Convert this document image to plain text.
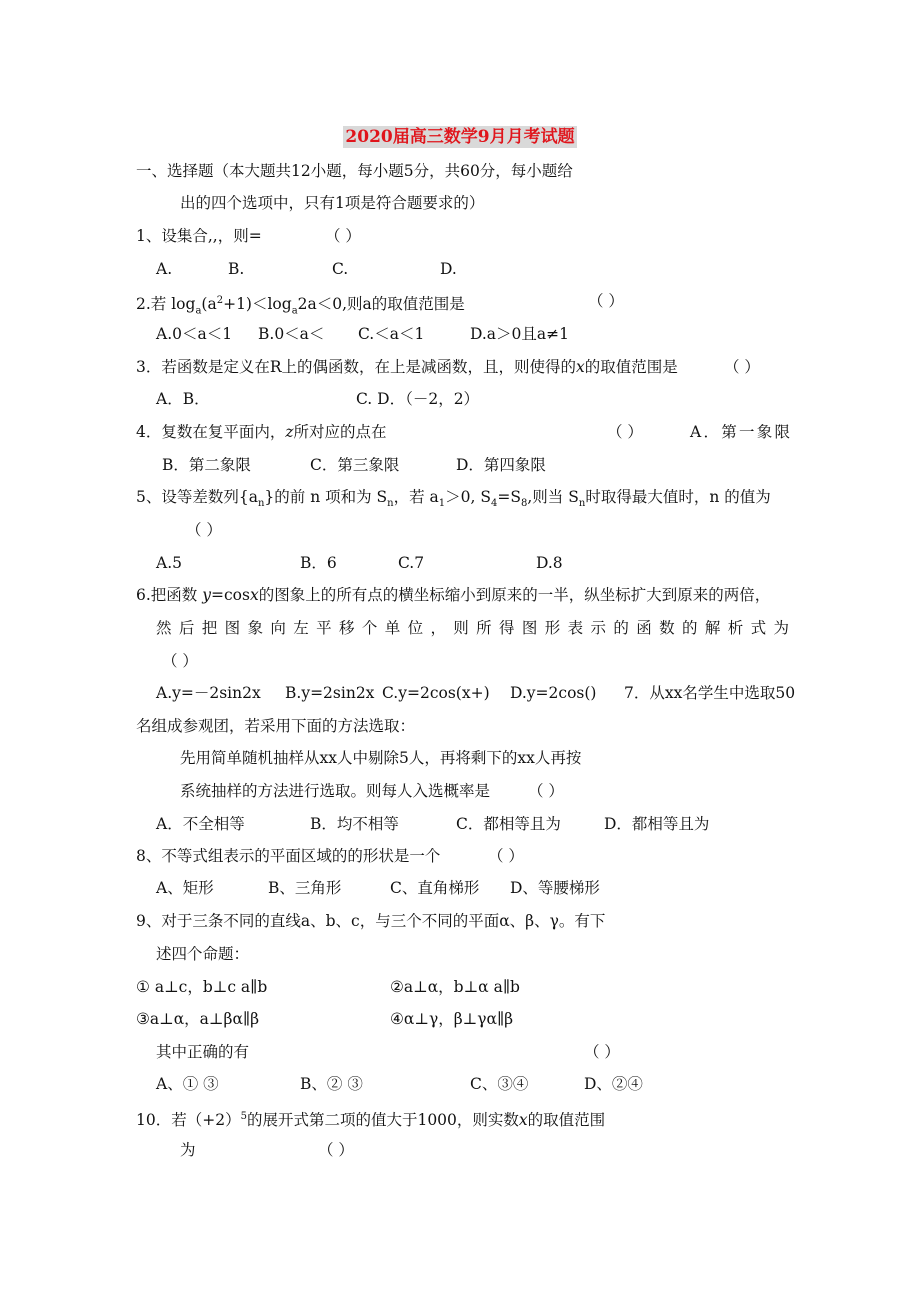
2020届高三数学9月月考试题
一、选择题（本大题共12小题，每小题5分，共60分，每小题给
出的四个选项中，只有1项是符合题要求的）
1、设集合,,，则=	（ ）
A.	B.	C.	D.
2.若 $\log_a(a^2+1)<\log_a2a<0$,则a的取值范围是	（ ）
A.0＜a＜1 B.0＜a＜ C.＜a＜1	D.a＞0且a≠1
3．若函数是定义在R上的偶函数，在上是减函数，且，则使得的x的取值范围是	（ ）
A．B．	C. D．（－2，2）
4．复数在复平面内，z所对应的点在	（ ）	A．第一象限
B．第二象限	C．第三象限	D．第四象限
5、设等差数列$\{a_n\}$的前 n 项和为 $S_n$，若 $a_1>0$, $S_4=S_8$,则当 $S_n$时取得最大值时，n 的值为
（ ）
A.5	B．6	C.7	D.8
6.把函数 y=cosx的图象上的所有点的横坐标缩小到原来的一半，纵坐标扩大到原来的两倍，
然后把图象向左平移个单位，则所得图形表示的函数的解析式为
（ ）
A.y=－2sin2x B.y=2sin2x C.y=2cos(x+) D.y=2cos() 7．从xx名学生中选取50
名组成参观团，若采用下面的方法选取：
先用简单随机抽样从xx人中剔除5人，再将剩下的xx人再按
系统抽样的方法进行选取。则每人入选概率是 （ ）
A．不全相等	B．均不相等	C．都相等且为	D．都相等且为
8、不等式组表示的平面区域的的形状是一个	（ ）
A、矩形	B、三角形	C、直角梯形 D、等腰梯形
9、对于三条不同的直线a、b、c，与三个不同的平面α、β、γ。有下
述四个命题：
① a⊥c，b⊥c a∥b	②a⊥α，b⊥α a∥b
③a⊥α，a⊥βα∥β	④α⊥γ，β⊥γα∥β
其中正确的有	（ ）
A、① ③	B、② ③	C、③④	D、②④
10．若$(+2)^5$的展开式第二项的值大于1000，则实数x的取值范围
为	（ ）
